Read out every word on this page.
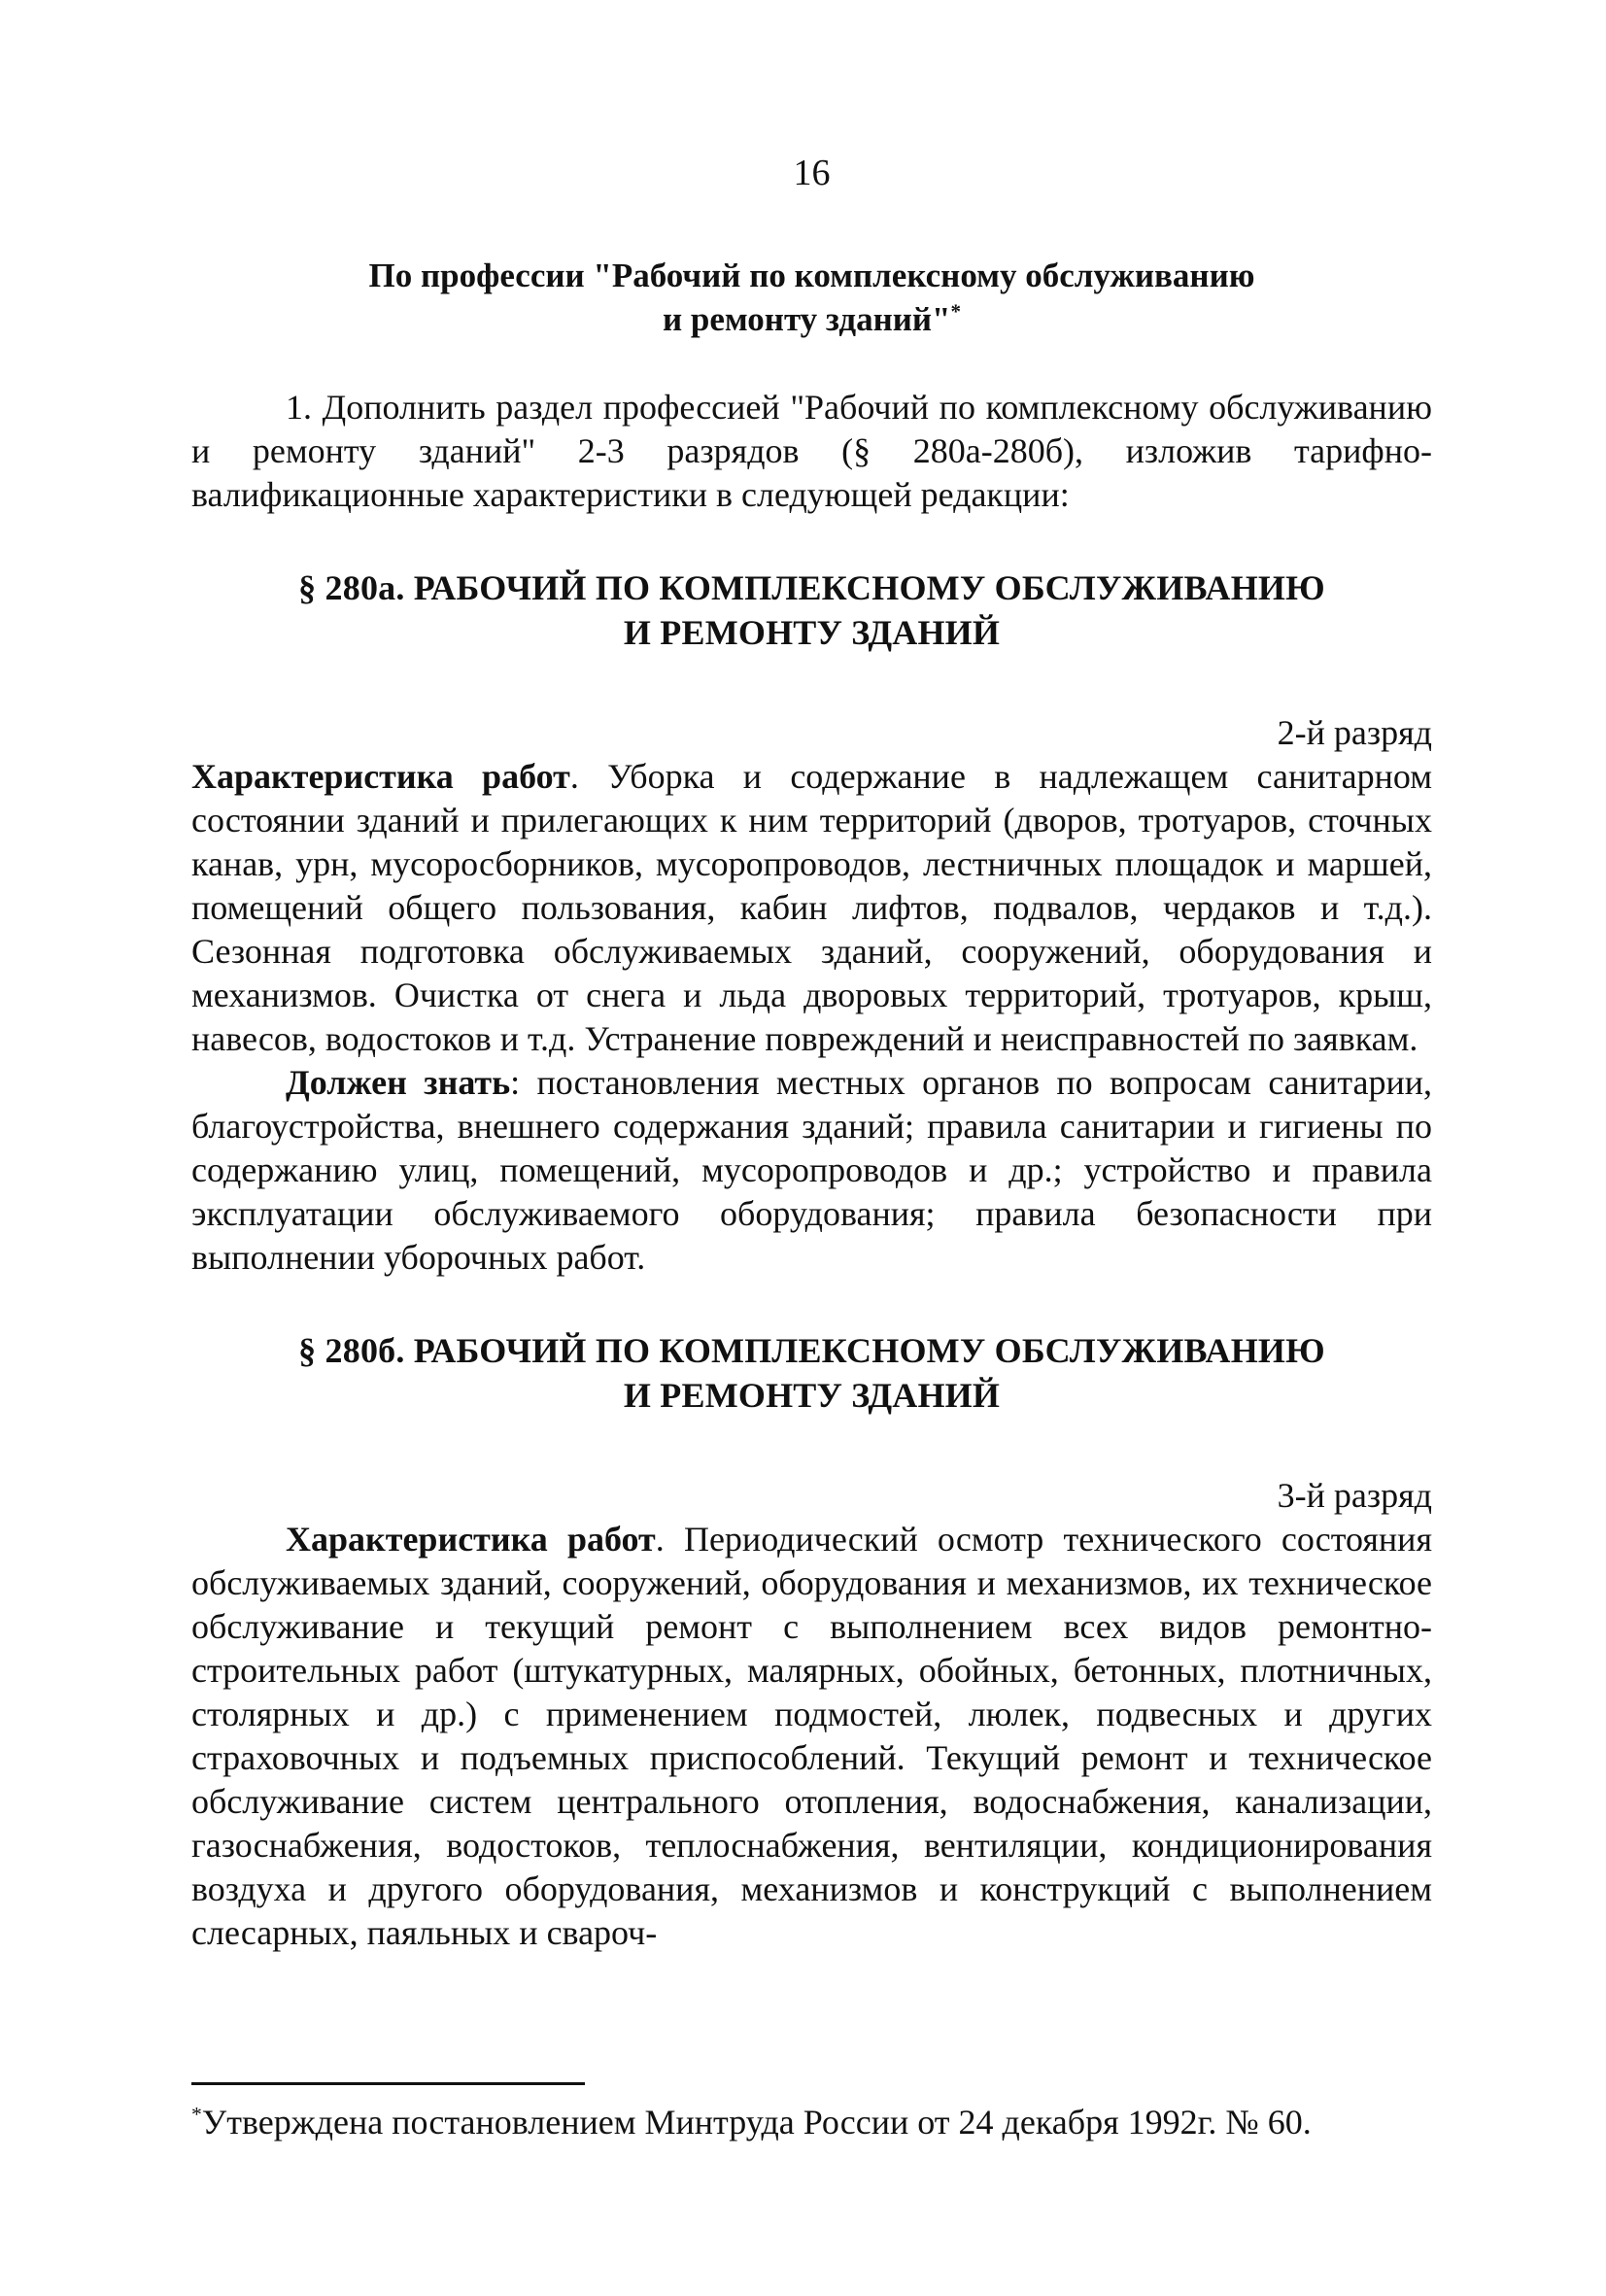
16
По профессии "Рабочий по комплексному обслуживанию
и ремонту зданий"*

1. Дополнить раздел профессией "Рабочий по комплексному обслуживанию и ремонту зданий" 2-3 разрядов (§ 280а-280б), изложив тарифно-валификационные характеристики в следующей редакции:

§ 280а. РАБОЧИЙ ПО КОМПЛЕКСНОМУ ОБСЛУЖИВАНИЮ
И РЕМОНТУ ЗДАНИЙ
2-й разряд

Характеристика работ. Уборка и содержание в надлежащем санитарном состоянии зданий и прилегающих к ним территорий (дворов, тротуаров, сточных канав, урн, мусоросборников, мусоропроводов, лестничных площадок и маршей, помещений общего пользования, кабин лифтов, подвалов, чердаков и т.д.). Сезонная подготовка обслуживаемых зданий, сооружений, оборудования и механизмов. Очистка от снега и льда дворовых территорий, тротуаров, крыш, навесов, водостоков и т.д. Устранение повреждений и неисправностей по заявкам.

Должен знать: постановления местных органов по вопросам санитарии, благоустройства, внешнего содержания зданий; правила санитарии и гигиены по содержанию улиц, помещений, мусоропроводов и др.; устройство и правила эксплуатации обслуживаемого оборудования; правила безопасности при выполнении уборочных работ.

§ 280б. РАБОЧИЙ ПО КОМПЛЕКСНОМУ ОБСЛУЖИВАНИЮ
И РЕМОНТУ ЗДАНИЙ
3-й разряд

Характеристика работ. Периодический осмотр технического состояния обслуживаемых зданий, сооружений, оборудования и механизмов, их техническое обслуживание и текущий ремонт с выполнением всех видов ремонтно-строительных работ (штукатурных, малярных, обойных, бетонных, плотничных, столярных и др.) с применением подмостей, люлек, подвесных и других страховочных и подъемных приспособлений. Текущий ремонт и техническое обслуживание систем центрального отопления, водоснабжения, канализации, газоснабжения, водостоков, теплоснабжения, вентиляции, кондиционирования воздуха и другого оборудования, механизмов и конструкций с выполнением слесарных, паяльных и свароч-

*Утверждена постановлением Минтруда России от 24 декабря 1992г. № 60.
